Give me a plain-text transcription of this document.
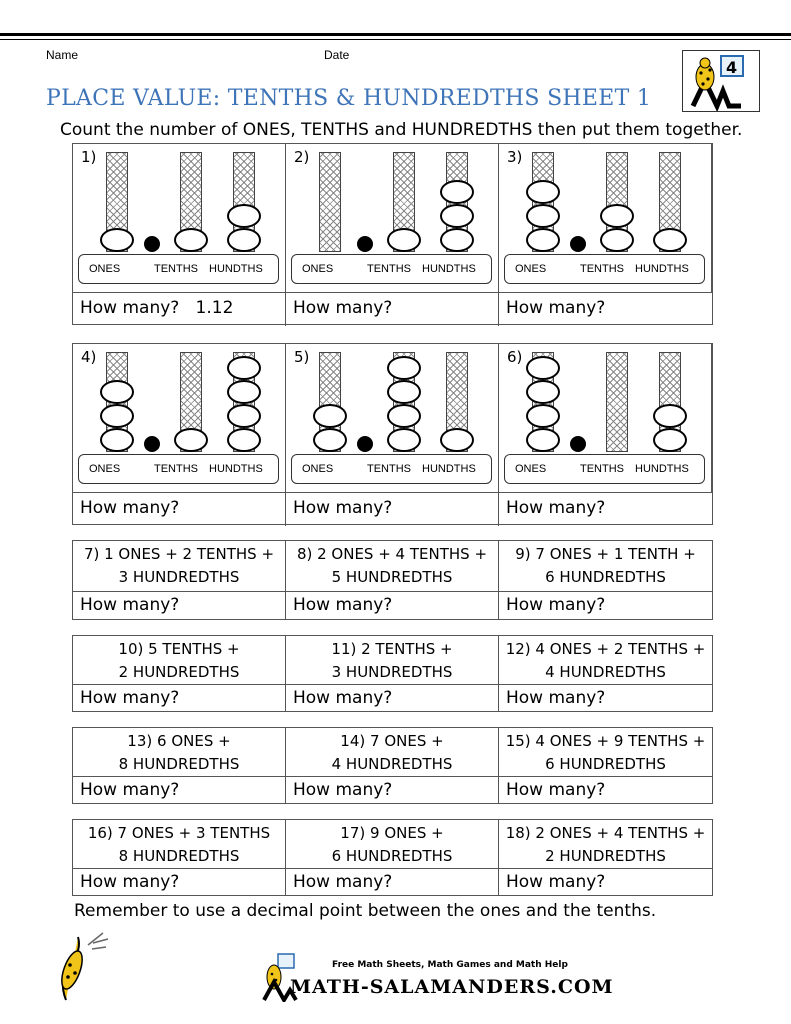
Name	Date
4
PLACE VALUE: TENTHS & HUNDREDTHS SHEET 1
Count the number of ONES, TENTHS and HUNDREDTHS then put them together.
1)
ONES	TENTHS HUNDTHS
2)
ONES	TENTHS HUNDTHS
3)
ONES	TENTHS HUNDTHS
How many?   1.12	How many?	How many?
4)
ONES	TENTHS HUNDTHS
5)
ONES	TENTHS HUNDTHS
6)
ONES	TENTHS HUNDTHS
How many?	How many?	How many?
7) 1 ONES + 2 TENTHS +
3 HUNDREDTHS
8) 2 ONES + 4 TENTHS +
5 HUNDREDTHS
9) 7 ONES + 1 TENTH +
6 HUNDREDTHS
How many?	How many?	How many?
10) 5 TENTHS +
2 HUNDREDTHS
11) 2 TENTHS +
3 HUNDREDTHS
12) 4 ONES + 2 TENTHS +
4 HUNDREDTHS
How many?	How many?	How many?
13) 6 ONES +
8 HUNDREDTHS
14) 7 ONES +
4 HUNDREDTHS
15) 4 ONES + 9 TENTHS +
6 HUNDREDTHS
How many?	How many?	How many?
16) 7 ONES + 3 TENTHS
8 HUNDREDTHS
17) 9 ONES +
6 HUNDREDTHS
18) 2 ONES + 4 TENTHS +
2 HUNDREDTHS
How many?	How many?	How many?
Remember to use a decimal point between the ones and the tenths.
Free Math Sheets, Math Games and Math Help
MATH-SALAMANDERS.COM
